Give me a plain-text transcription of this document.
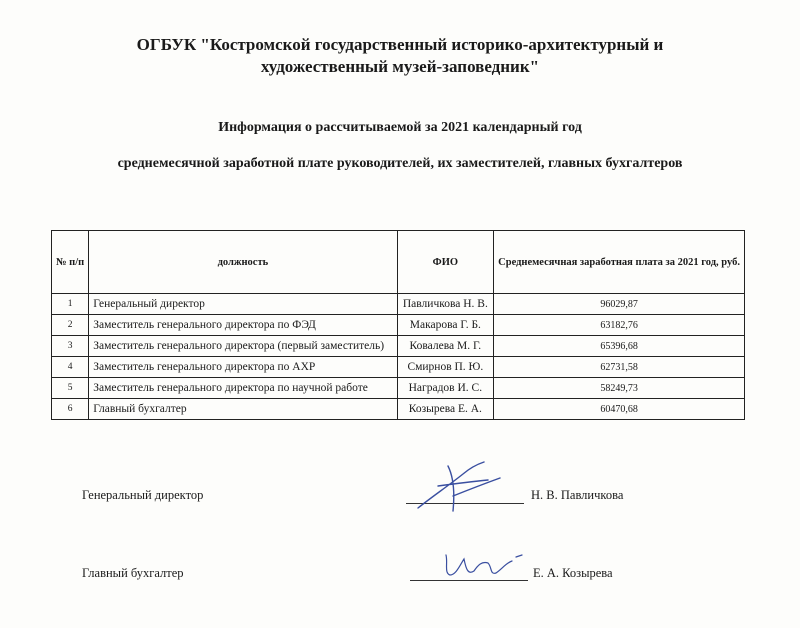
ОГБУК "Костромской государственный историко-архитектурный и
художественный музей-заповедник"
Информация о рассчитываемой за 2021 календарный год
среднемесячной заработной плате руководителей, их заместителей, главных бухгалтеров
№ п/п	должность	ФИО	Среднемесячная заработная плата за 2021 год, руб.
1	Генеральный директор	Павличкова Н. В.	96029,87
2	Заместитель генерального директора по ФЭД	Макарова Г. Б.	63182,76
3	Заместитель генерального директора (первый заместитель)	Ковалева М. Г.	65396,68
4	Заместитель генерального директора по АХР	Смирнов П. Ю.	62731,58
5	Заместитель генерального директора по научной работе	Наградов И. С.	58249,73
6	Главный бухгалтер	Козырева Е. А.	60470,68
Генеральный директор	Н. В. Павличкова
Главный бухгалтер	Е. А. Козырева
